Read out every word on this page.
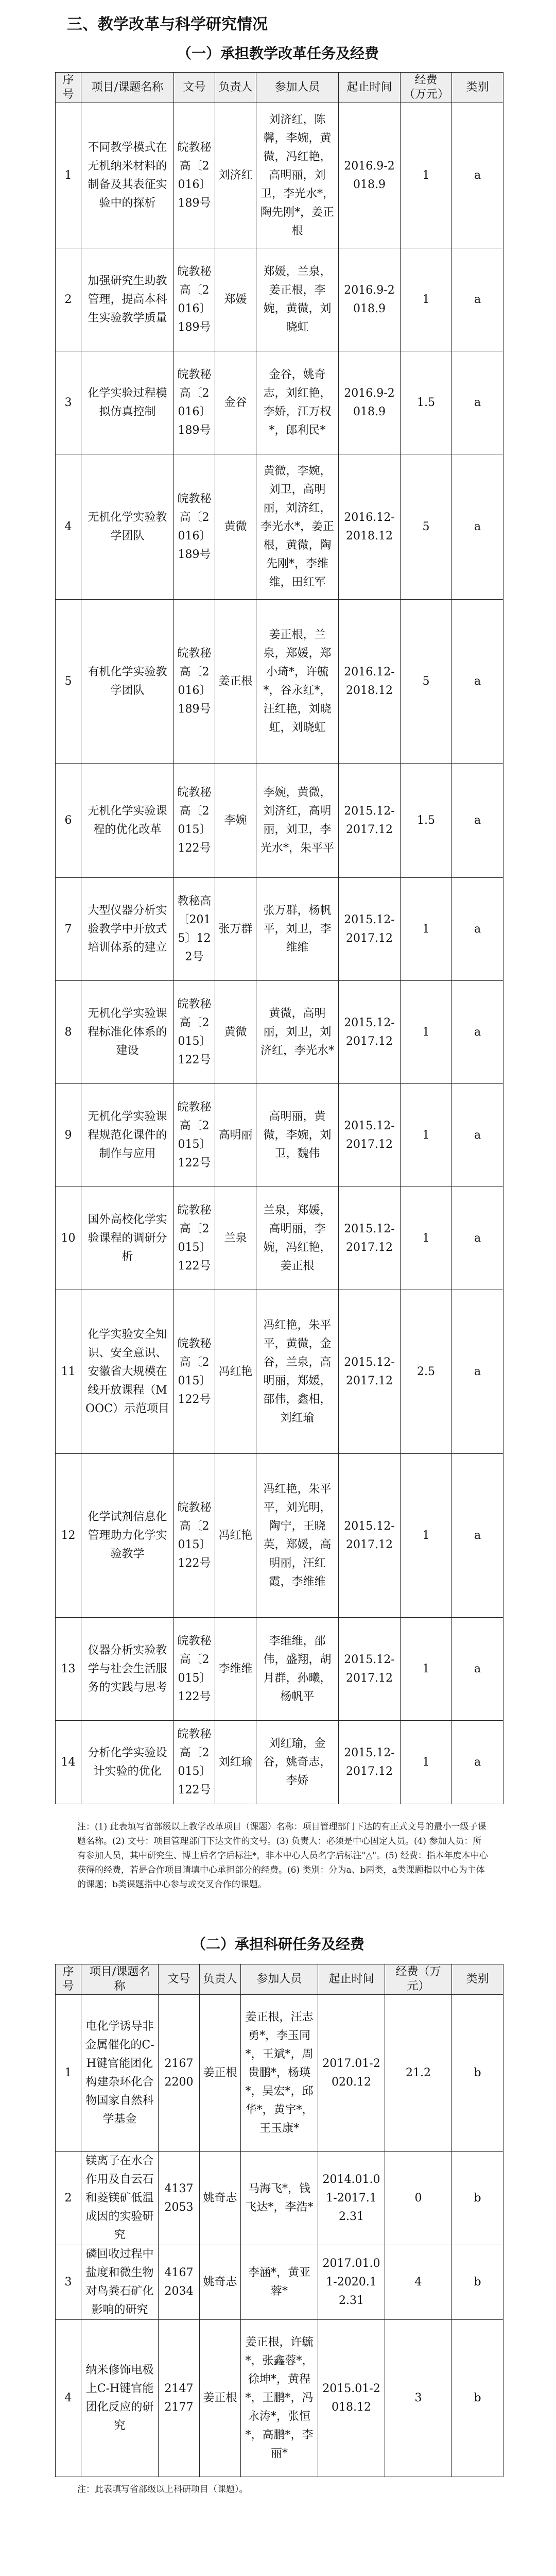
三、教学改革与科学研究情况
（一）承担教学改革任务及经费
序号	项目/课题名称	文号	负责人	参加人员	起止时间	经费（万元）	类别
1	不同教学模式在无机纳米材料的制备及其表征实验中的探析	皖教秘高〔2016〕189号	刘济红	刘济红，陈馨，李婉，黄微，冯红艳，高明丽，刘卫，李光水*，陶先刚*，姜正根	2016.9-2018.9	1	a
2	加强研究生助教管理，提高本科生实验教学质量	皖教秘高〔2016〕189号	郑媛	郑媛，兰泉，姜正根，李婉，黄微，刘晓虹	2016.9-2018.9	1	a
3	化学实验过程模拟仿真控制	皖教秘高〔2016〕189号	金谷	金谷，姚奇志，刘红艳，李娇，江万权*，郎利民*	2016.9-2018.9	1.5	a
4	无机化学实验教学团队	皖教秘高〔2016〕189号	黄微	黄微，李婉，刘卫，高明丽，刘济红，李光水*，姜正根，黄微，陶先刚*，李维维，田红军	2016.12-2018.12	5	a
5	有机化学实验教学团队	皖教秘高〔2016〕189号	姜正根	姜正根，兰泉，郑媛，郑小琦*，许毓*，谷永红*，汪红艳，刘晓虹，刘晓虹	2016.12-2018.12	5	a
6	无机化学实验课程的优化改革	皖教秘高〔2015〕122号	李婉	李婉，黄微，刘济红，高明丽，刘卫，李光水*，朱平平	2015.12-2017.12	1.5	a
7	大型仪器分析实验教学中开放式培训体系的建立	教秘高〔2015〕122号	张万群	张万群，杨帆平，刘卫，李维维	2015.12-2017.12	1	a
8	无机化学实验课程标准化体系的建设	皖教秘高〔2015〕122号	黄微	黄微，高明丽，刘卫，刘济红，李光水*	2015.12-2017.12	1	a
9	无机化学实验课程规范化课件的制作与应用	皖教秘高〔2015〕122号	高明丽	高明丽，黄微，李婉，刘卫，魏伟	2015.12-2017.12	1	a
10	国外高校化学实验课程的调研分析	皖教秘高〔2015〕122号	兰泉	兰泉，郑媛，高明丽，李婉，冯红艳，姜正根	2015.12-2017.12	1	a
11	化学实验安全知识、安全意识、安徽省大规模在线开放课程（MOOC）示范项目	皖教秘高〔2015〕122号	冯红艳	冯红艳，朱平平，黄微，金谷，兰泉，高明丽，郑媛，邵伟，鑫相，刘红瑜	2015.12-2017.12	2.5	a
12	化学试剂信息化管理助力化学实验教学	皖教秘高〔2015〕122号	冯红艳	冯红艳，朱平平，刘光明，陶宁，王晓英，郑媛，高明丽，汪红霞，李维维	2015.12-2017.12	1	a
13	仪器分析实验教学与社会生活服务的实践与思考	皖教秘高〔2015〕122号	李维维	李维维，邵伟，盛翔，胡月群，孙曦，杨帆平	2015.12-2017.12	1	a
14	分析化学实验设计实验的优化	皖教秘高〔2015〕122号	刘红瑜	刘红瑜，金谷，姚奇志，李娇	2015.12-2017.12	1	a
注：(1) 此表填写省部级以上教学改革项目（课题）名称：项目管理部门下达的有正式文号的最小一级子课题名称。(2) 文号：项目管理部门下达文件的文号。(3) 负责人：必须是中心固定人员。(4) 参加人员：所有参加人员，其中研究生、博士后名字后标注*，非本中心人员名字后标注"△"。(5) 经费：指本年度本中心获得的经费，若是合作项目请填中心承担部分的经费。(6) 类别：分为a、b两类，a类课题指以中心为主体的课题；b类课题指中心参与或交叉合作的课题。
（二）承担科研任务及经费
序号	项目/课题名称	文号	负责人	参加人员	起止时间	经费（万元）	类别
1	电化学诱导非金属催化的C-H键官能团化构建杂环化合物国家自然科学基金	21672200	姜正根	姜正根，汪志勇*，李玉同*，王斌*，周贵鹏*，杨瑛*，吴宏*，邱华*，黄宇*，王玉康*	2017.01-2020.12	21.2	b
2	镁离子在水合作用及自云石和菱镁矿低温成因的实验研究	41372053	姚奇志	马海飞*，钱飞达*，李浩*	2014.01.01-2017.12.31	0	b
3	磷回收过程中盐度和微生物对鸟粪石矿化影响的研究	41672034	姚奇志	李涵*，黄亚蓉*	2017.01.01-2020.12.31	4	b
4	纳米修饰电极上C-H键官能团化反应的研究	21472177	姜正根	姜正根，许毓*，张鑫蓉*，徐坤*，黄程*，王鹏*，冯永涛*，张恒*，高鹏*，李丽*	2015.01-2018.12	3	b
注：此表填写省部级以上科研项目（课题）。
